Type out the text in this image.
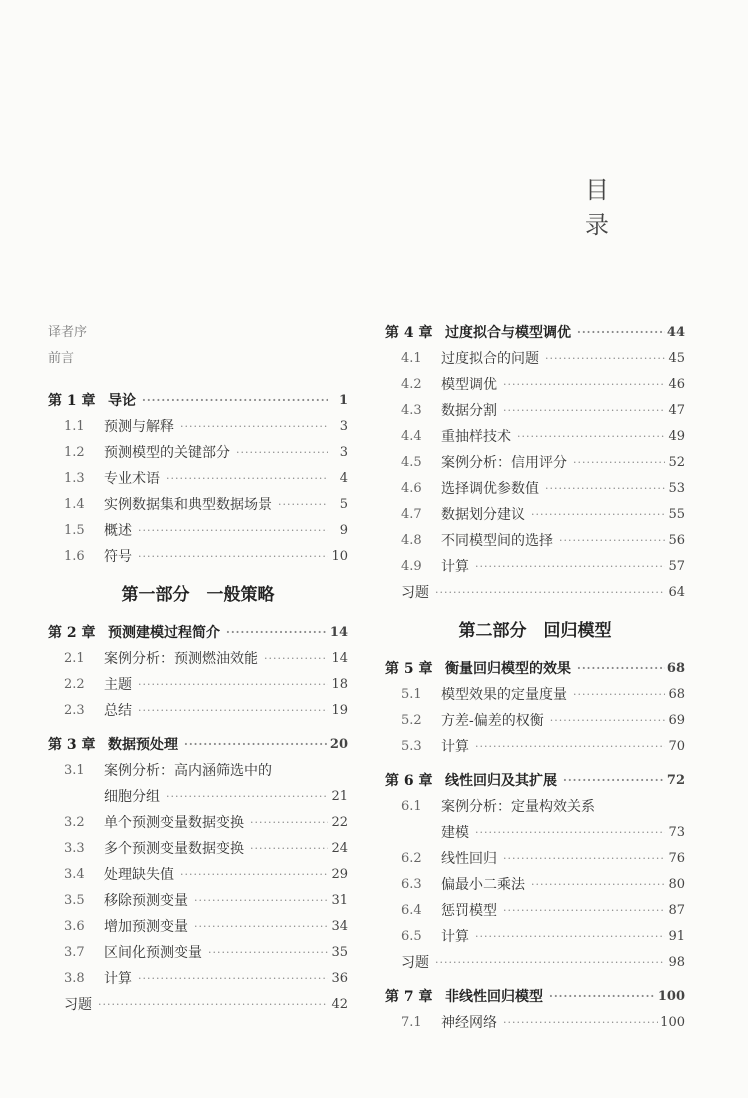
目 录
译者序
前言
第 1 章 导论 ·····	1
1.1	预测与解释 ·····	3
1.2	预测模型的关键部分 ·····	3
1.3	专业术语 ·····	4
1.4	实例数据集和典型数据场景 ·····	5
1.5	概述 ·····	9
1.6	符号 ·····	10
第一部分　一般策略
第 2 章 预测建模过程简介 ·····	14
2.1	案例分析：预测燃油效能 ·····	14
2.2	主题 ·····	18
2.3	总结 ·····	19
第 3 章 数据预处理 ·····	20
3.1	案例分析：高内涵筛选中的
细胞分组 ·····	21
3.2	单个预测变量数据变换 ·····	22
3.3	多个预测变量数据变换 ·····	24
3.4	处理缺失值 ·····	29
3.5	移除预测变量 ·····	31
3.6	增加预测变量 ·····	34
3.7	区间化预测变量 ·····	35
3.8	计算 ·····	36
习题 ·····	42
第 4 章 过度拟合与模型调优 ·····	44
4.1	过度拟合的问题 ·····	45
4.2	模型调优 ·····	46
4.3	数据分割 ·····	47
4.4	重抽样技术 ·····	49
4.5	案例分析：信用评分 ·····	52
4.6	选择调优参数值 ·····	53
4.7	数据划分建议 ·····	55
4.8	不同模型间的选择 ·····	56
4.9	计算 ·····	57
习题 ·····	64
第二部分　回归模型
第 5 章 衡量回归模型的效果 ·····	68
5.1	模型效果的定量度量 ·····	68
5.2	方差-偏差的权衡 ·····	69
5.3	计算 ·····	70
第 6 章 线性回归及其扩展 ·····	72
6.1	案例分析：定量构效关系
建模 ·····	73
6.2	线性回归 ·····	76
6.3	偏最小二乘法 ·····	80
6.4	惩罚模型 ·····	87
6.5	计算 ·····	91
习题 ·····	98
第 7 章 非线性回归模型 ·····	100
7.1	神经网络 ·····	100
